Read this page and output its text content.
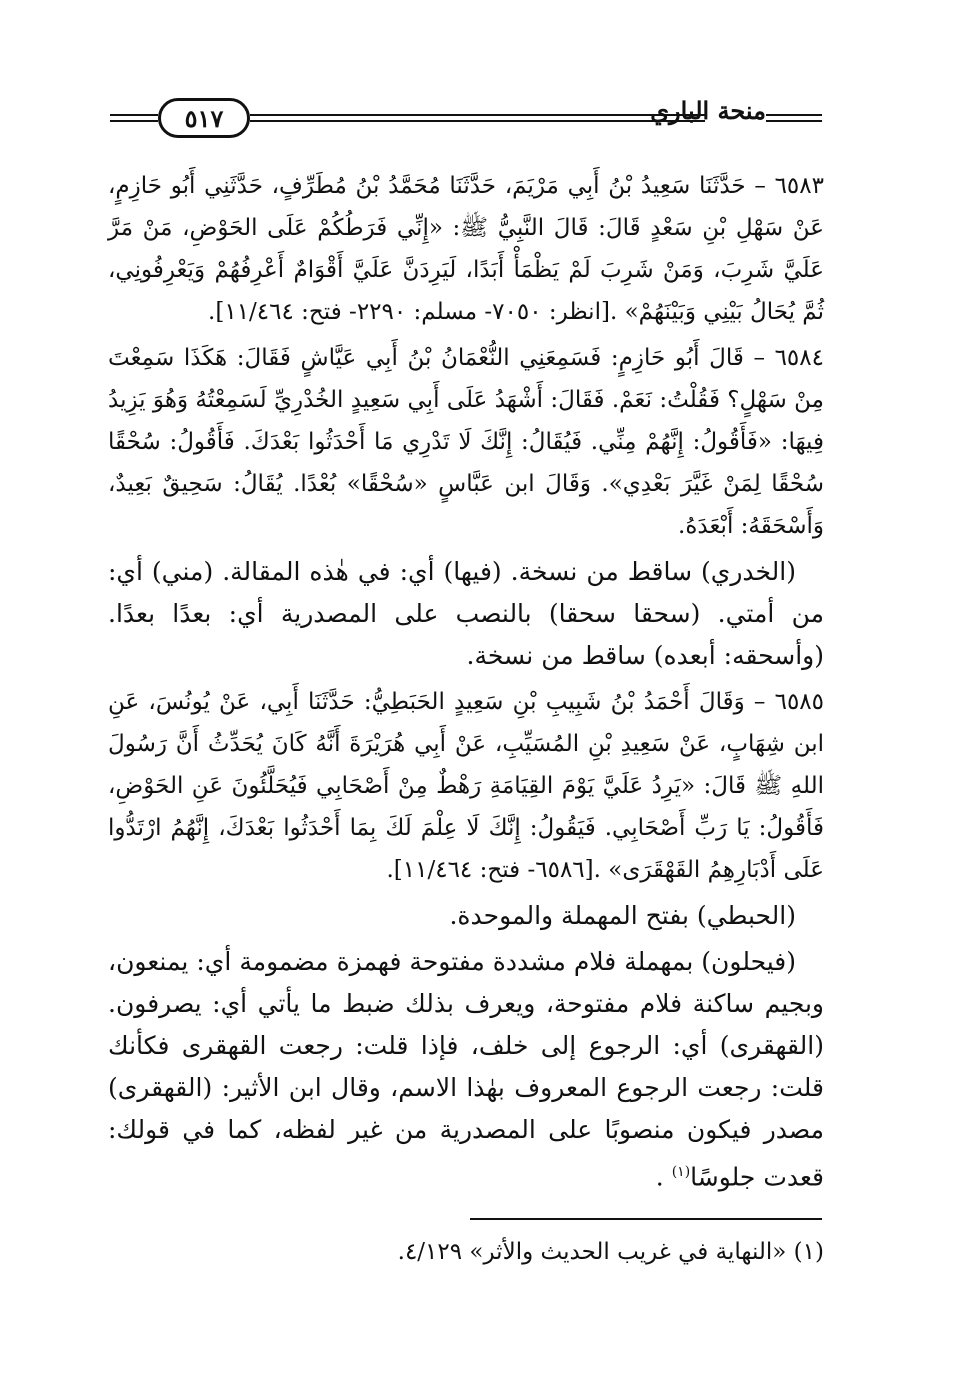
٥١٧	منحة الباري

٦٥٨٣ – حَدَّثَنَا سَعِيدُ بْنُ أَبِي مَرْيَمَ، حَدَّثَنَا مُحَمَّدُ بْنُ مُطَرِّفٍ، حَدَّثَنِي أَبُو حَازِمٍ، عَنْ سَهْلِ بْنِ سَعْدٍ قَالَ: قَالَ النَّبِيُّ ﷺ: «إِنِّي فَرَطُكُمْ عَلَى الحَوْضِ، مَنْ مَرَّ عَلَيَّ شَرِبَ، وَمَنْ شَرِبَ لَمْ يَظْمَأْ أَبَدًا، لَيَرِدَنَّ عَلَيَّ أَقْوَامٌ أَعْرِفُهُمْ وَيَعْرِفُونِي، ثُمَّ يُحَالُ بَيْنِي وَبَيْنَهُمْ» .[انظر: ٧٠٥٠- مسلم: ٢٢٩٠- فتح: ١١/٤٦٤].

٦٥٨٤ – قَالَ أَبُو حَازِمٍ: فَسَمِعَنِي النُّعْمَانُ بْنُ أَبِي عَيَّاشٍ فَقَالَ: هَكَذَا سَمِعْتَ مِنْ سَهْلٍ؟ فَقُلْتُ: نَعَمْ. فَقَالَ: أَشْهَدُ عَلَى أَبِي سَعِيدٍ الخُدْرِيِّ لَسَمِعْتُهُ وَهُوَ يَزِيدُ فِيهَا: «فَأَقُولُ: إِنَّهُمْ مِنِّي. فَيُقَالُ: إِنَّكَ لَا تَدْرِي مَا أَحْدَثُوا بَعْدَكَ. فَأَقُولُ: سُحْقًا سُحْقًا لِمَنْ غَيَّرَ بَعْدِي». وَقَالَ ابن عَبَّاسٍ «سُحْقًا» بُعْدًا. يُقَالُ: سَحِيقٌ بَعِيدٌ، وَأَسْحَقَهُ: أَبْعَدَهُ.

(الخدري) ساقط من نسخة. (فيها) أي: في هٰذه المقالة. (مني) أي: من أمتي. (سحقا سحقا) بالنصب على المصدرية أي: بعدًا بعدًا. (وأسحقه: أبعده) ساقط من نسخة.

٦٥٨٥ – وَقَالَ أَحْمَدُ بْنُ شَبِيبِ بْنِ سَعِيدٍ الحَبَطِيُّ: حَدَّثَنَا أَبِي، عَنْ يُونُسَ، عَنِ ابن شِهَابٍ، عَنْ سَعِيدِ بْنِ المُسَيِّبِ، عَنْ أَبِي هُرَيْرَةَ أَنَّهُ كَانَ يُحَدِّثُ أَنَّ رَسُولَ اللهِ ﷺ قَالَ: «يَرِدُ عَلَيَّ يَوْمَ القِيَامَةِ رَهْطٌ مِنْ أَصْحَابِي فَيُحَلَّئُونَ عَنِ الحَوْضِ، فَأَقُولُ: يَا رَبِّ أَصْحَابِي. فَيَقُولُ: إِنَّكَ لَا عِلْمَ لَكَ بِمَا أَحْدَثُوا بَعْدَكَ، إِنَّهُمُ ارْتَدُّوا عَلَى أَدْبَارِهِمُ القَهْقَرَى» .[٦٥٨٦- فتح: ١١/٤٦٤].

(الحبطي) بفتح المهملة والموحدة.

(فيحلون) بمهملة فلام مشددة مفتوحة فهمزة مضمومة أي: يمنعون، وبجيم ساكنة فلام مفتوحة، ويعرف بذلك ضبط ما يأتي أي: يصرفون. (القهقرى) أي: الرجوع إلى خلف، فإذا قلت: رجعت القهقرى فكأنك قلت: رجعت الرجوع المعروف بهٰذا الاسم، وقال ابن الأثير: (القهقرى) مصدر فيكون منصوبًا على المصدرية من غير لفظه، كما في قولك: قعدت جلوسًا$^{(١)}$ .

(١) «النهاية في غريب الحديث والأثر» ٤/١٢٩.
